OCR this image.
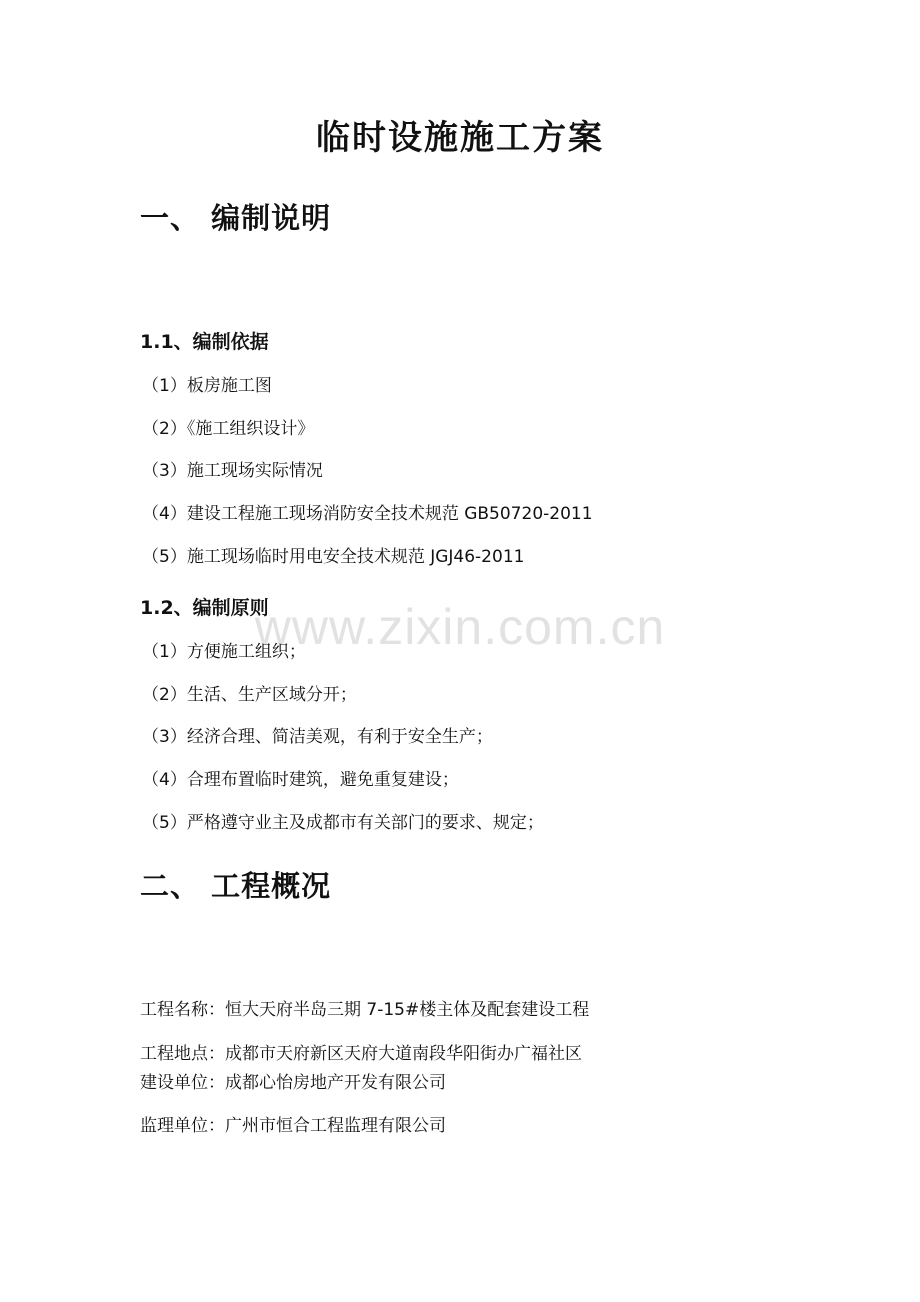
www.zixin.com.cn
临时设施施工方案
一、 编制说明
1.1、编制依据
（1）板房施工图
（2）《施工组织设计》
（3）施工现场实际情况
（4）建设工程施工现场消防安全技术规范 GB50720-2011
（5）施工现场临时用电安全技术规范 JGJ46-2011
1.2、编制原则
（1）方便施工组织；
（2）生活、生产区域分开；
（3）经济合理、简洁美观，有利于安全生产；
（4）合理布置临时建筑，避免重复建设；
（5）严格遵守业主及成都市有关部门的要求、规定；
二、 工程概况
工程名称：恒大天府半岛三期 7-15#楼主体及配套建设工程
工程地点：成都市天府新区天府大道南段华阳街办广福社区
建设单位：成都心怡房地产开发有限公司
监理单位：广州市恒合工程监理有限公司
